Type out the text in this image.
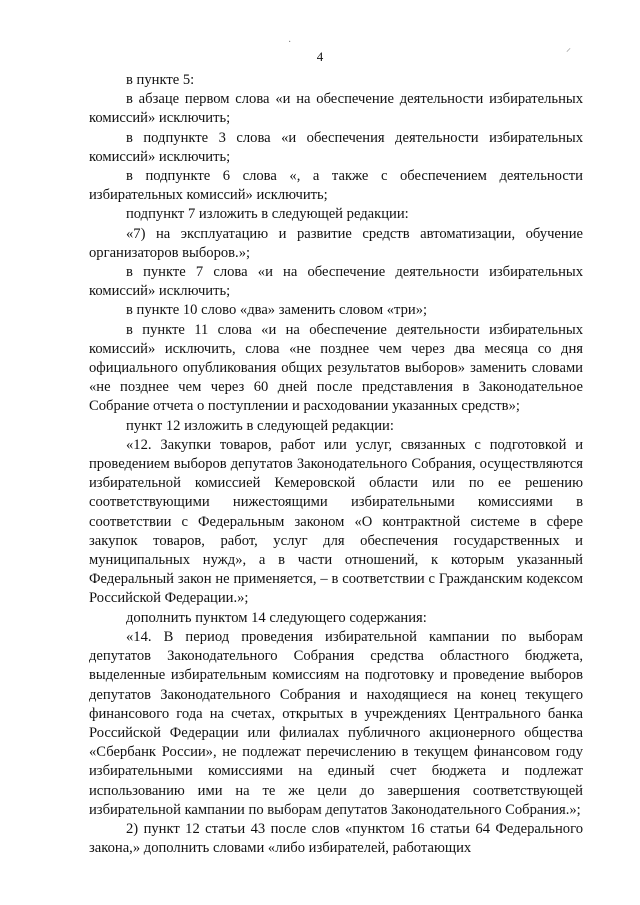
·
⸝
4

в пункте 5:

в абзаце первом слова «и на обеспечение деятельности избирательных комиссий» исключить;

в подпункте 3 слова «и обеспечения деятельности избирательных комиссий» исключить;

в подпункте 6 слова «, а также с обеспечением деятельности избирательных комиссий» исключить;

подпункт 7 изложить в следующей редакции:

«7) на эксплуатацию и развитие средств автоматизации, обучение организаторов выборов.»;

в пункте 7 слова «и на обеспечение деятельности избирательных комиссий» исключить;

в пункте 10 слово «два» заменить словом «три»;

в пункте 11 слова «и на обеспечение деятельности избирательных комиссий» исключить, слова «не позднее чем через два месяца со дня официального опубликования общих результатов выборов» заменить словами «не позднее чем через 60 дней после представления в Законодательное Собрание отчета о поступлении и расходовании указанных средств»;

пункт 12 изложить в следующей редакции:

«12. Закупки товаров, работ или услуг, связанных с подготовкой и проведением выборов депутатов Законодательного Собрания, осуществляются избирательной комиссией Кемеровской области или по ее решению соответствующими нижестоящими избирательными комиссиями в соответствии с Федеральным законом «О контрактной системе в сфере закупок товаров, работ, услуг для обеспечения государственных и муниципальных нужд», а в части отношений, к которым указанный Федеральный закон не применяется, – в соответствии с Гражданским кодексом Российской Федерации.»;

дополнить пунктом 14 следующего содержания:

«14. В период проведения избирательной кампании по выборам депутатов Законодательного Собрания средства областного бюджета, выделенные избирательным комиссиям на подготовку и проведение выборов депутатов Законодательного Собрания и находящиеся на конец текущего финансового года на счетах, открытых в учреждениях Центрального банка Российской Федерации или филиалах публичного акционерного общества «Сбербанк России», не подлежат перечислению в текущем финансовом году избирательными комиссиями на единый счет бюджета и подлежат использованию ими на те же цели до завершения соответствующей избирательной кампании по выборам депутатов Законодательного Собрания.»;

2) пункт 12 статьи 43 после слов «пунктом 16 статьи 64 Федерального закона,» дополнить словами «либо избирателей, работающих
